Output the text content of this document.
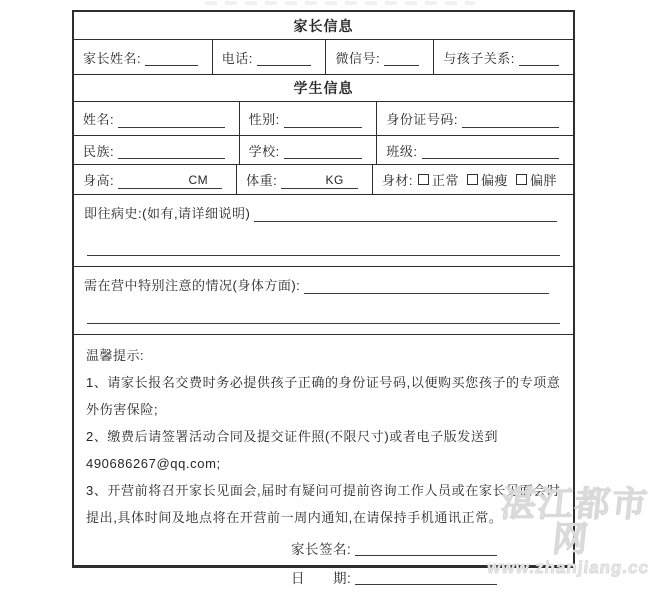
家长信息
家长姓名:	电话:	微信号:	与孩子关系:
学生信息
姓名:	性别:	身份证号码:
民族:	学校:	班级:
身高:	CM	体重:	KG	身材: 正常 偏瘦 偏胖
即往病史:(如有,请详细说明)
需在营中特别注意的情况(身体方面):
温馨提示:

1、请家长报名交费时务必提供孩子正确的身份证号码,以便购买您孩子的专项意外伤害保险;

2、缴费后请签署活动合同及提交证件照(不限尺寸)或者电子版发送到 490686267@qq.com;

3、开营前将召开家长见面会,届时有疑问可提前咨询工作人员或在家长见面会时提出,具体时间及地点将在开营前一周内通知,在请保持手机通讯正常。

家长签名:
日　　期:
湛江都市网
www.zhanjiang.cc
